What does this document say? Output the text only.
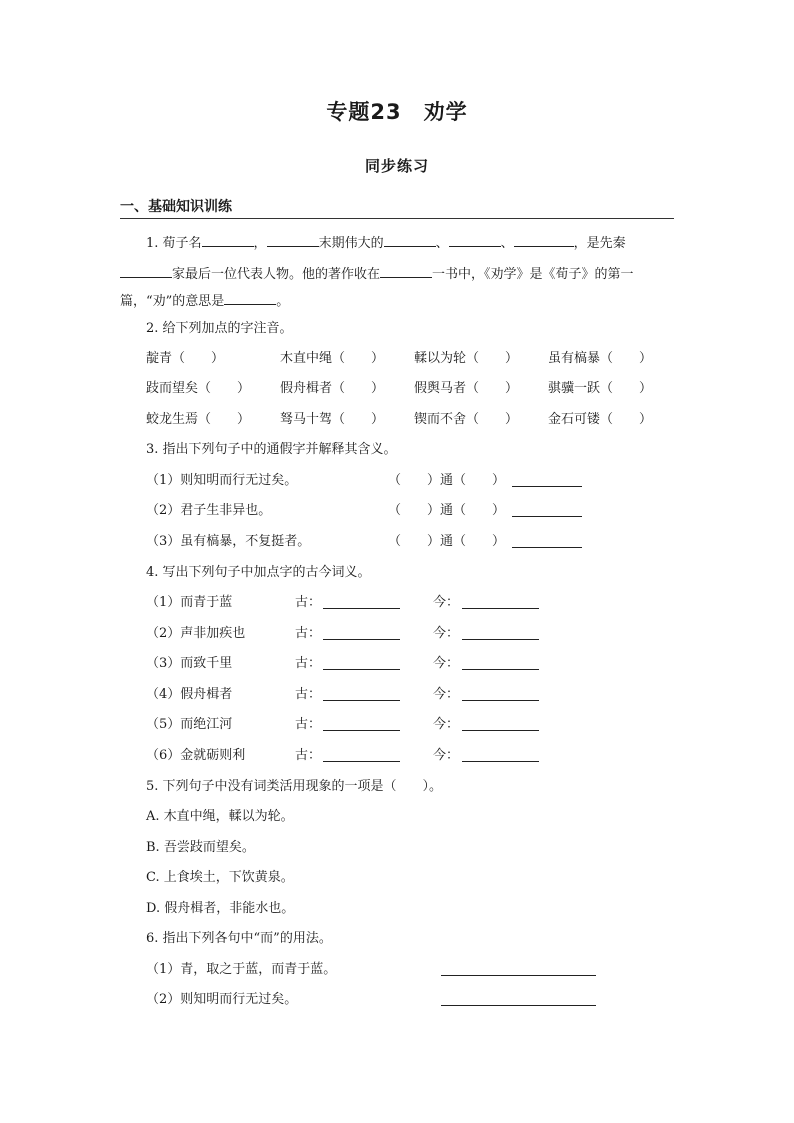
专题23　劝学
同步练习
一、基础知识训练
1. 荀子名	，	末期伟大的	、	、	，是先秦
家最后一位代表人物。他的著作收在	一书中，《劝学》是《荀子》的第一
篇，“劝”的意思是	。
2. 给下列加点的字注音。
靛青（　　）	木直中绳（　　） 輮以为轮（　　） 虽有槁暴（　　）
跂而望矣（　　） 假舟楫者（　　） 假舆马者（　　） 骐骥一跃（　　）
蛟龙生焉（　　） 驽马十驾（　　） 锲而不舍（　　） 金石可镂（　　）
3. 指出下列句子中的通假字并解释其含义。
（1）则知明而行无过矣。	（　　）通（　　）
（2）君子生非异也。	（　　）通（　　）
（3）虽有槁暴，不复挺者。	（　　）通（　　）
4. 写出下列句子中加点字的古今词义。
（1）而青于蓝	古：	今：
（2）声非加疾也	古：	今：
（3）而致千里	古：	今：
（4）假舟楫者	古：	今：
（5）而绝江河	古：	今：
（6）金就砺则利	古：	今：
5. 下列句子中没有词类活用现象的一项是（　　）。
A. 木直中绳，輮以为轮。
B. 吾尝跂而望矣。
C. 上食埃土，下饮黄泉。
D. 假舟楫者，非能水也。
6. 指出下列各句中“而”的用法。
（1）青，取之于蓝，而青于蓝。
（2）则知明而行无过矣。
